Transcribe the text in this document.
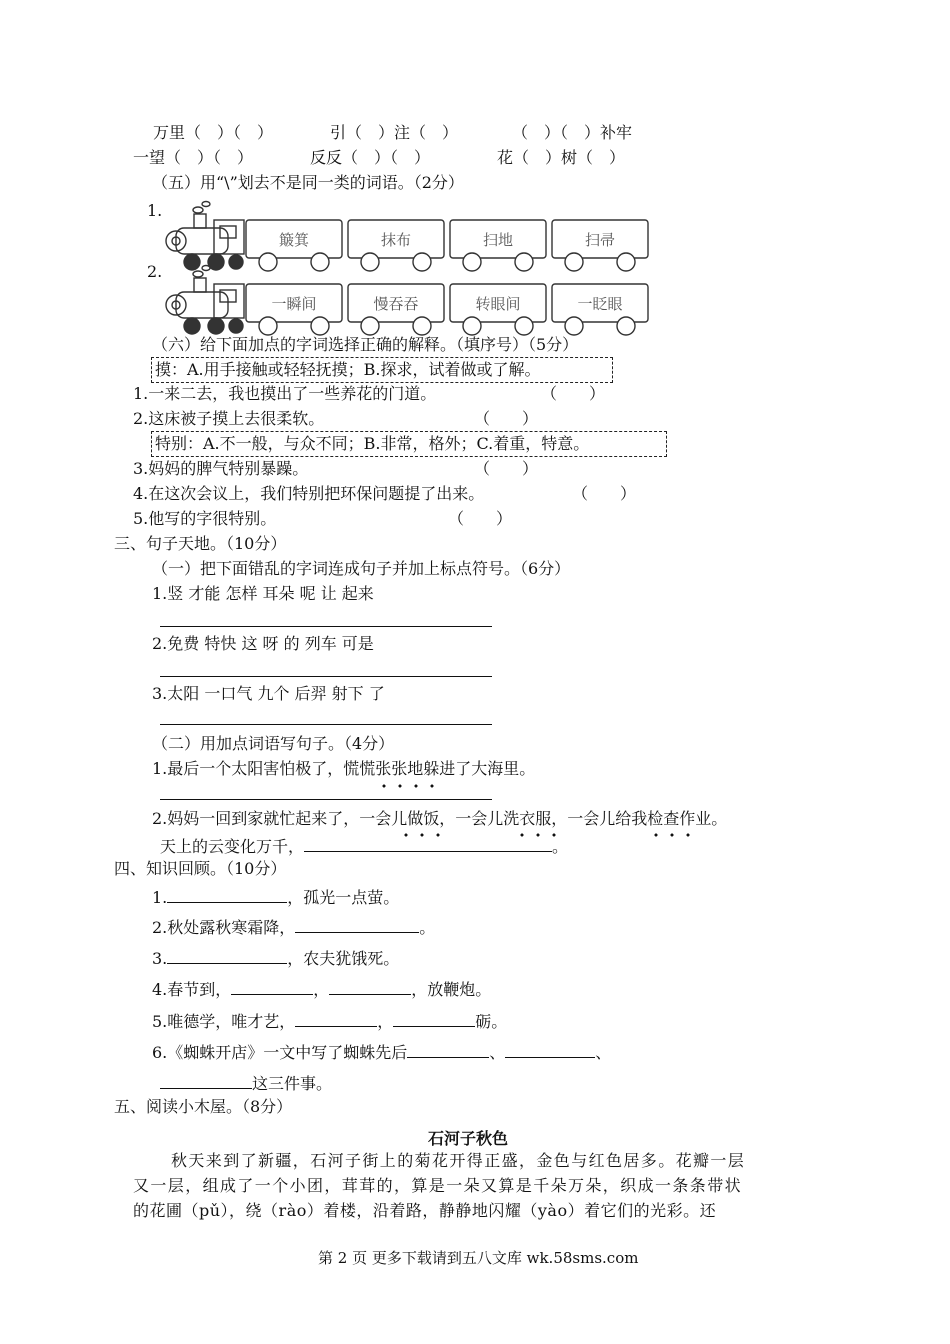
万里（　）（　）	引（　）注（　）	（　）（　）补牢
一望（　）（　）	反反（　）（　）	花（　）树（　）
（五）用“\”划去不是同一类的词语。（2分）
1.
2.
簸箕	抹布	扫地	扫帚
一瞬间	慢吞吞	转眼间	一眨眼
（六）给下面加点的字词选择正确的解释。（填序号）（5分）
摸：A.用手接触或轻轻抚摸；B.探求，试着做或了解。
1.一来二去，我也摸出了一些养花的门道。	（　　）
2.这床被子摸上去很柔软。	（　　）
特别：A.不一般，与众不同；B.非常，格外；C.着重，特意。
3.妈妈的脾气特别暴躁。	（　　）
4.在这次会议上，我们特别把环保问题提了出来。	（　　）
5.他写的字很特别。	（　　）
三、句子天地。（10分）
（一）把下面错乱的字词连成句子并加上标点符号。（6分）
1.竖 才能 怎样 耳朵 呢 让 起来
2.免费 特快 这 呀 的 列车 可是
3.太阳 一口气 九个 后羿 射下 了
（二）用加点词语写句子。（4分）
1.最后一个太阳害怕极了，慌慌张张地躲进了大海里。
2.妈妈一回到家就忙起来了，一会儿做饭，一会儿洗衣服，一会儿给我检查作业。
天上的云变化万千，	。
四、知识回顾。（10分）
1.	，孤光一点萤。
2.秋处露秋寒霜降，	。
3.	，农夫犹饿死。
4.春节到，	，	，放鞭炮。
5.唯德学，唯才艺，	，	砺。
6.《蜘蛛开店》一文中写了蜘蛛先后	、	、
这三件事。
五、阅读小木屋。（8分）
石河子秋色
秋天来到了新疆，石河子街上的菊花开得正盛，金色与红色居多。花瓣一层
又一层，组成了一个小团，茸茸的，算是一朵又算是千朵万朵，织成一条条带状
的花圃（pǔ），绕（rào）着楼，沿着路，静静地闪耀（yào）着它们的光彩。还
第 2 页 更多下载请到五八文库 wk.58sms.com
